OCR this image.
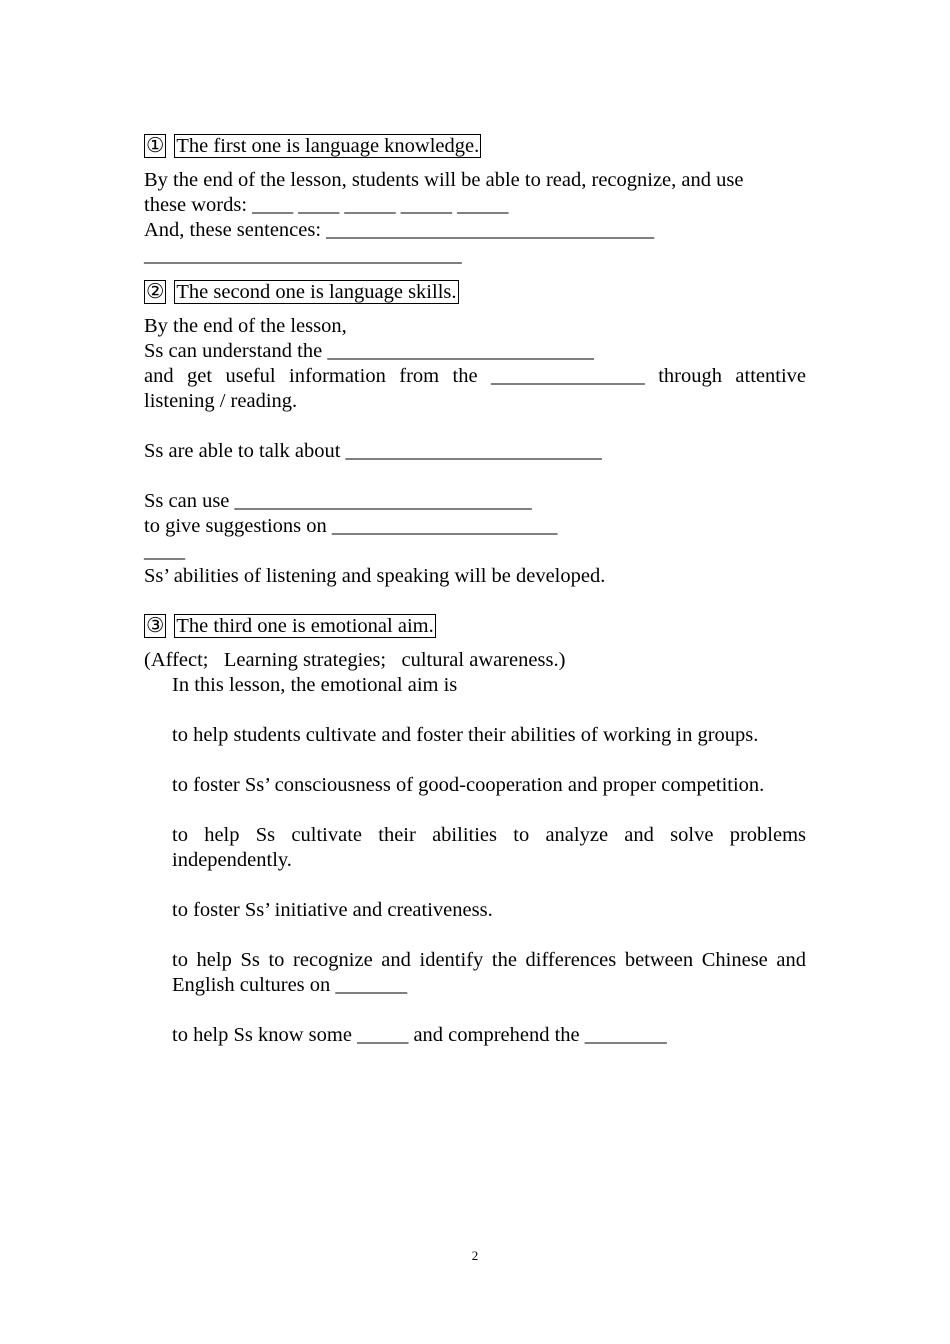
① The first one is language knowledge.

By the end of the lesson, students will be able to read, recognize, and use

these words: ____ ____ _____ _____ _____

And, these sentences: ________________________________

_______________________________

② The second one is language skills.

By the end of the lesson,

Ss can understand the __________________________

and get useful information from the _______________ through attentive listening / reading.

Ss are able to talk about _________________________

Ss can use _____________________________

to give suggestions on ______________________

____

Ss’ abilities of listening and speaking will be developed.

③ The third one is emotional aim.

(Affect;   Learning strategies;   cultural awareness.)

In this lesson, the emotional aim is

to help students cultivate and foster their abilities of working in groups.

to foster Ss’ consciousness of good-cooperation and proper competition.

to help Ss cultivate their abilities to analyze and solve problems independently.

to foster Ss’ initiative and creativeness.

to help Ss to recognize and identify the differences between Chinese and English cultures on _______

to help Ss know some _____ and comprehend the ________

2
